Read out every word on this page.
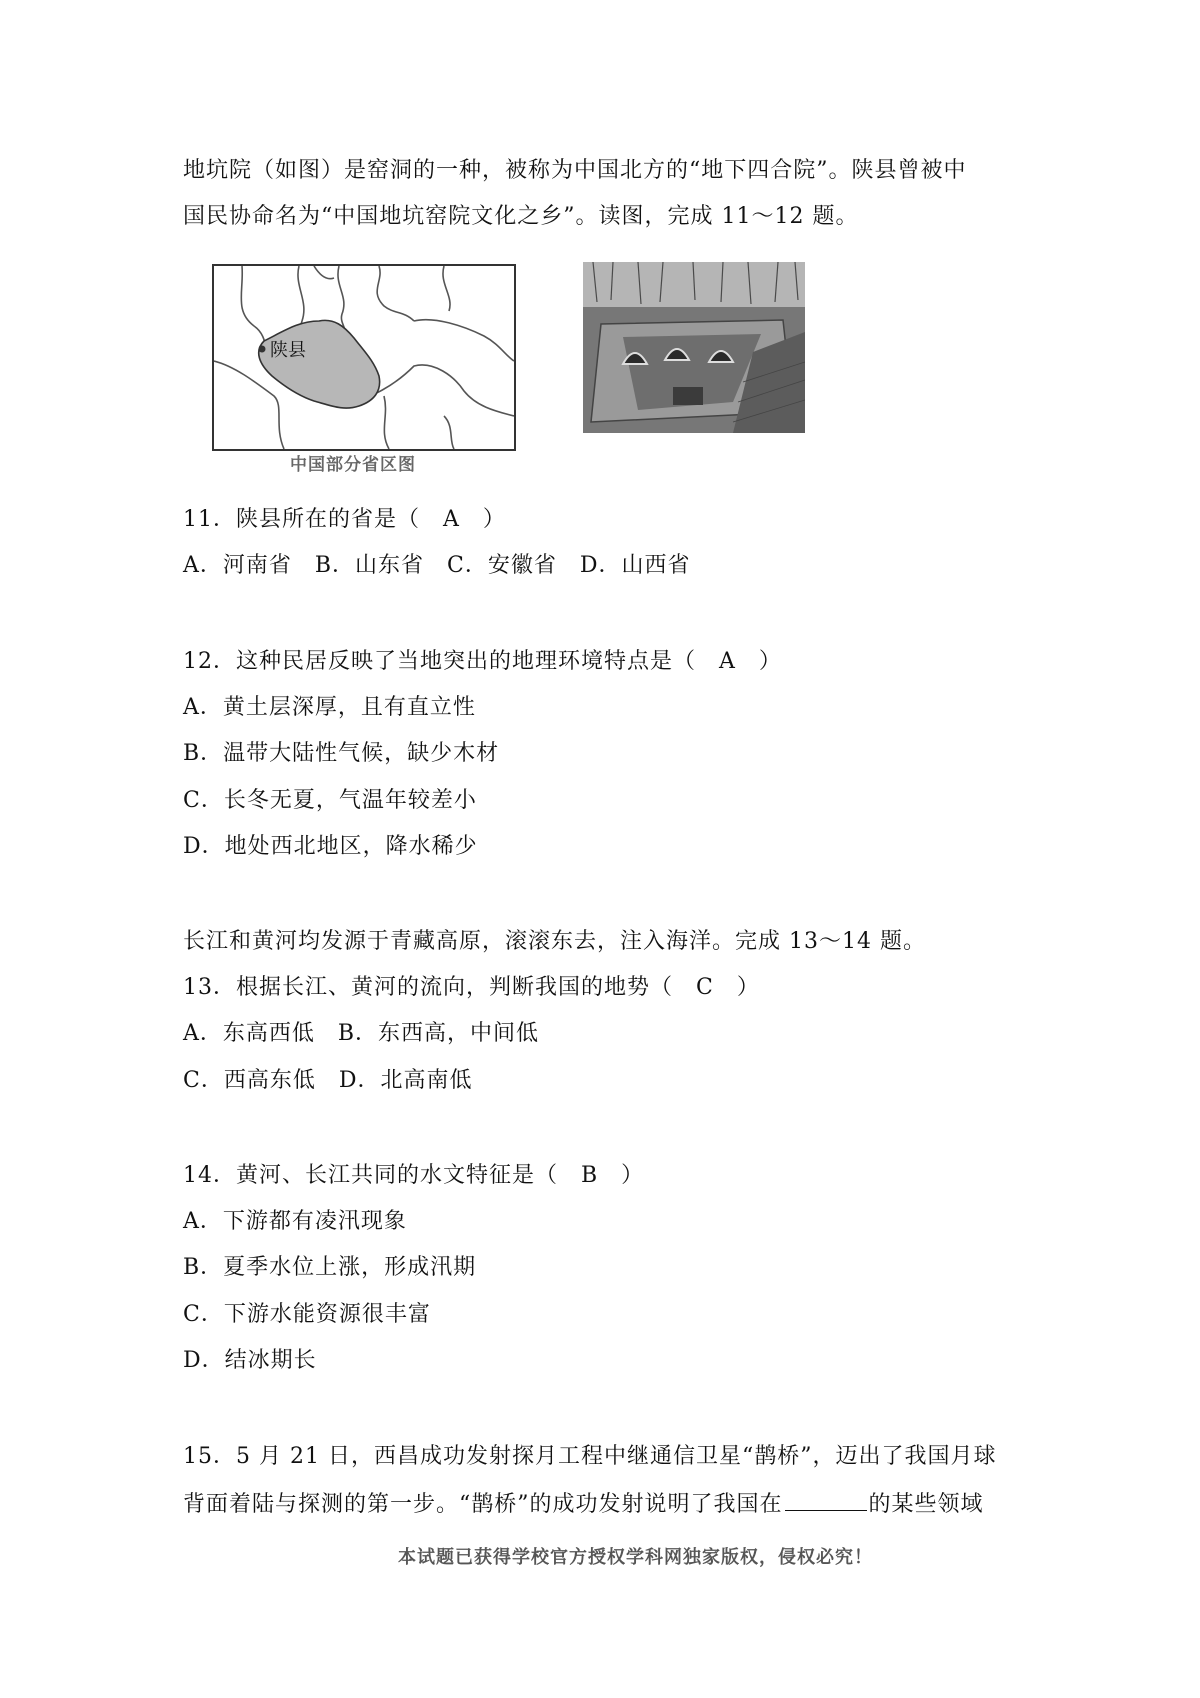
地坑院（如图）是窑洞的一种，被称为中国北方的“地下四合院”。陕县曾被中
国民协命名为“中国地坑窑院文化之乡”。读图，完成 11～12 题。
陕县
中国部分省区图
11．陕县所在的省是（　A　）
A．河南省　B．山东省　C．安徽省　D．山西省
12．这种民居反映了当地突出的地理环境特点是（　A　）
A．黄土层深厚，且有直立性
B．温带大陆性气候，缺少木材
C．长冬无夏，气温年较差小
D．地处西北地区，降水稀少
长江和黄河均发源于青藏高原，滚滚东去，注入海洋。完成 13～14 题。
13．根据长江、黄河的流向，判断我国的地势（　C　）
A．东高西低　B．东西高，中间低
C．西高东低　D．北高南低
14．黄河、长江共同的水文特征是（　B　）
A．下游都有凌汛现象
B．夏季水位上涨，形成汛期
C．下游水能资源很丰富
D．结冰期长
15．5 月 21 日，西昌成功发射探月工程中继通信卫星“鹊桥”，迈出了我国月球
背面着陆与探测的第一步。“鹊桥”的成功发射说明了我国在	的某些领域
本试题已获得学校官方授权学科网独家版权，侵权必究！
